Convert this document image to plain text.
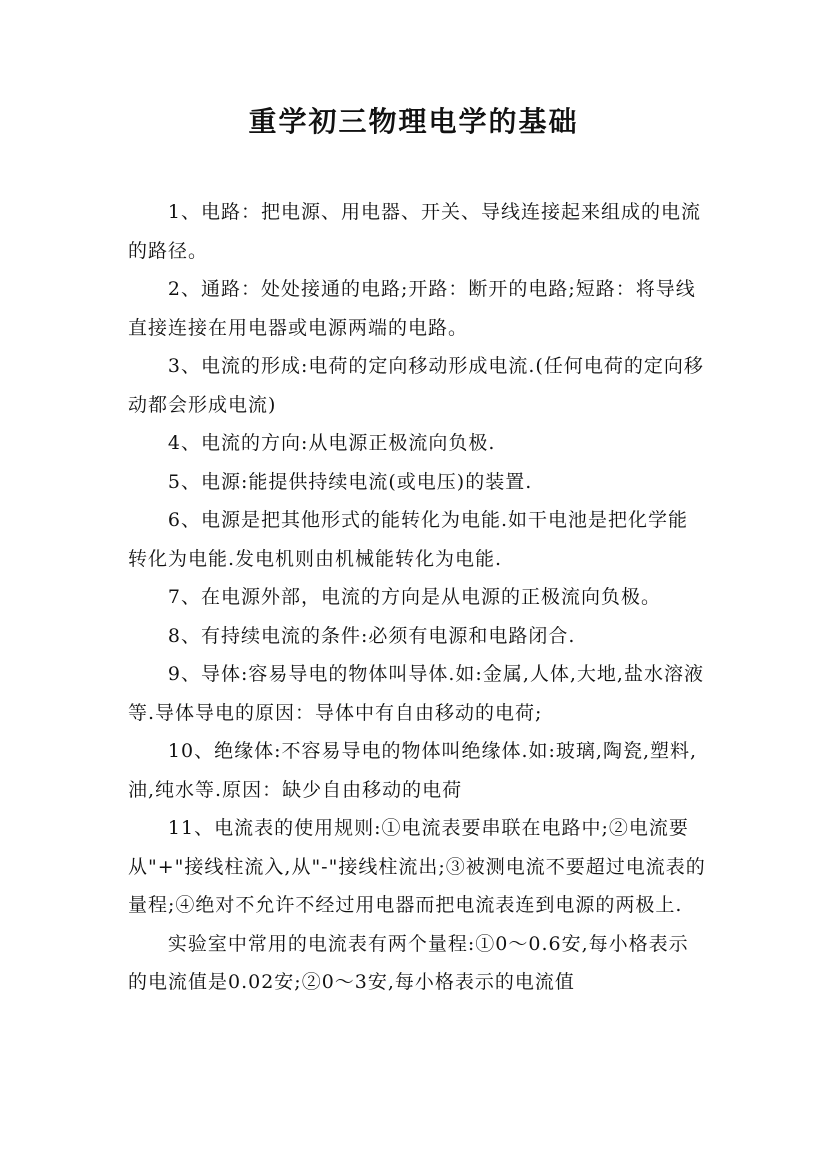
重学初三物理电学的基础

1、电路：把电源、用电器、开关、导线连接起来组成的电流的路径。

2、通路：处处接通的电路;开路：断开的电路;短路：将导线直接连接在用电器或电源两端的电路。

3、电流的形成:电荷的定向移动形成电流.(任何电荷的定向移动都会形成电流)

4、电流的方向:从电源正极流向负极.

5、电源:能提供持续电流(或电压)的装置.

6、电源是把其他形式的能转化为电能.如干电池是把化学能转化为电能.发电机则由机械能转化为电能.

7、在电源外部，电流的方向是从电源的正极流向负极。

8、有持续电流的条件:必须有电源和电路闭合.

9、导体:容易导电的物体叫导体.如:金属,人体,大地,盐水溶液等.导体导电的原因：导体中有自由移动的电荷;

10、绝缘体:不容易导电的物体叫绝缘体.如:玻璃,陶瓷,塑料,油,纯水等.原因：缺少自由移动的电荷

11、电流表的使用规则:①电流表要串联在电路中;②电流要从"+"接线柱流入,从"-"接线柱流出;③被测电流不要超过电流表的量程;④绝对不允许不经过用电器而把电流表连到电源的两极上.

实验室中常用的电流表有两个量程:①0～0.6安,每小格表示的电流值是0.02安;②0～3安,每小格表示的电流值
